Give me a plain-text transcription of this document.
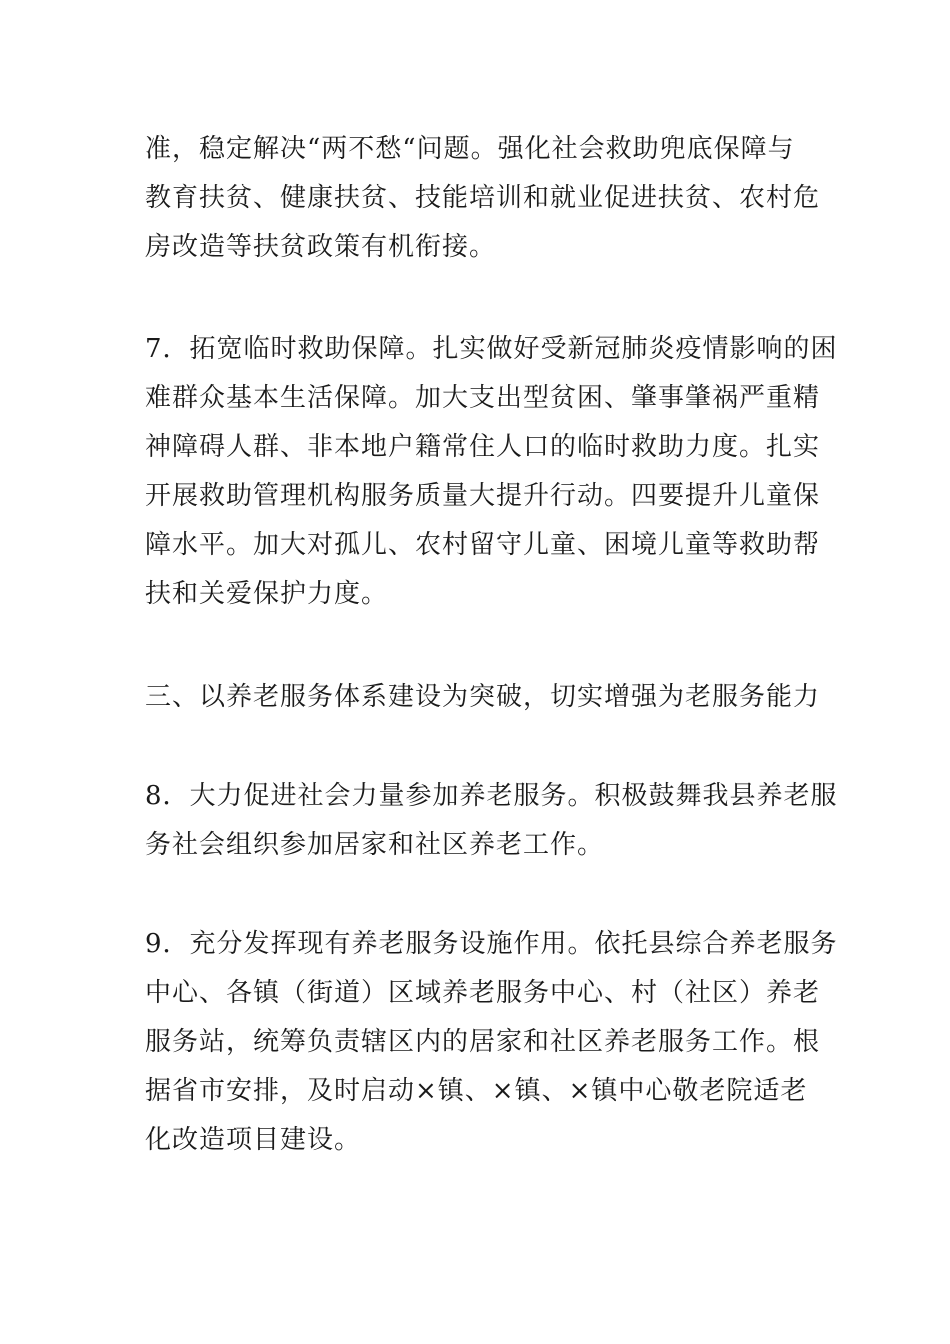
准，稳定解决“两不愁“问题。强化社会救助兜底保障与
教育扶贫、健康扶贫、技能培训和就业促进扶贫、农村危
房改造等扶贫政策有机衔接。
7．拓宽临时救助保障。扎实做好受新冠肺炎疫情影响的困
难群众基本生活保障。加大支出型贫困、肇事肇祸严重精
神障碍人群、非本地户籍常住人口的临时救助力度。扎实
开展救助管理机构服务质量大提升行动。四要提升儿童保
障水平。加大对孤儿、农村留守儿童、困境儿童等救助帮
扶和关爱保护力度。
三、以养老服务体系建设为突破，切实增强为老服务能力
8．大力促进社会力量参加养老服务。积极鼓舞我县养老服
务社会组织参加居家和社区养老工作。
9．充分发挥现有养老服务设施作用。依托县综合养老服务
中心、各镇（街道）区域养老服务中心、村（社区）养老
服务站，统筹负责辖区内的居家和社区养老服务工作。根
据省市安排，及时启动×镇、×镇、×镇中心敬老院适老
化改造项目建设。
